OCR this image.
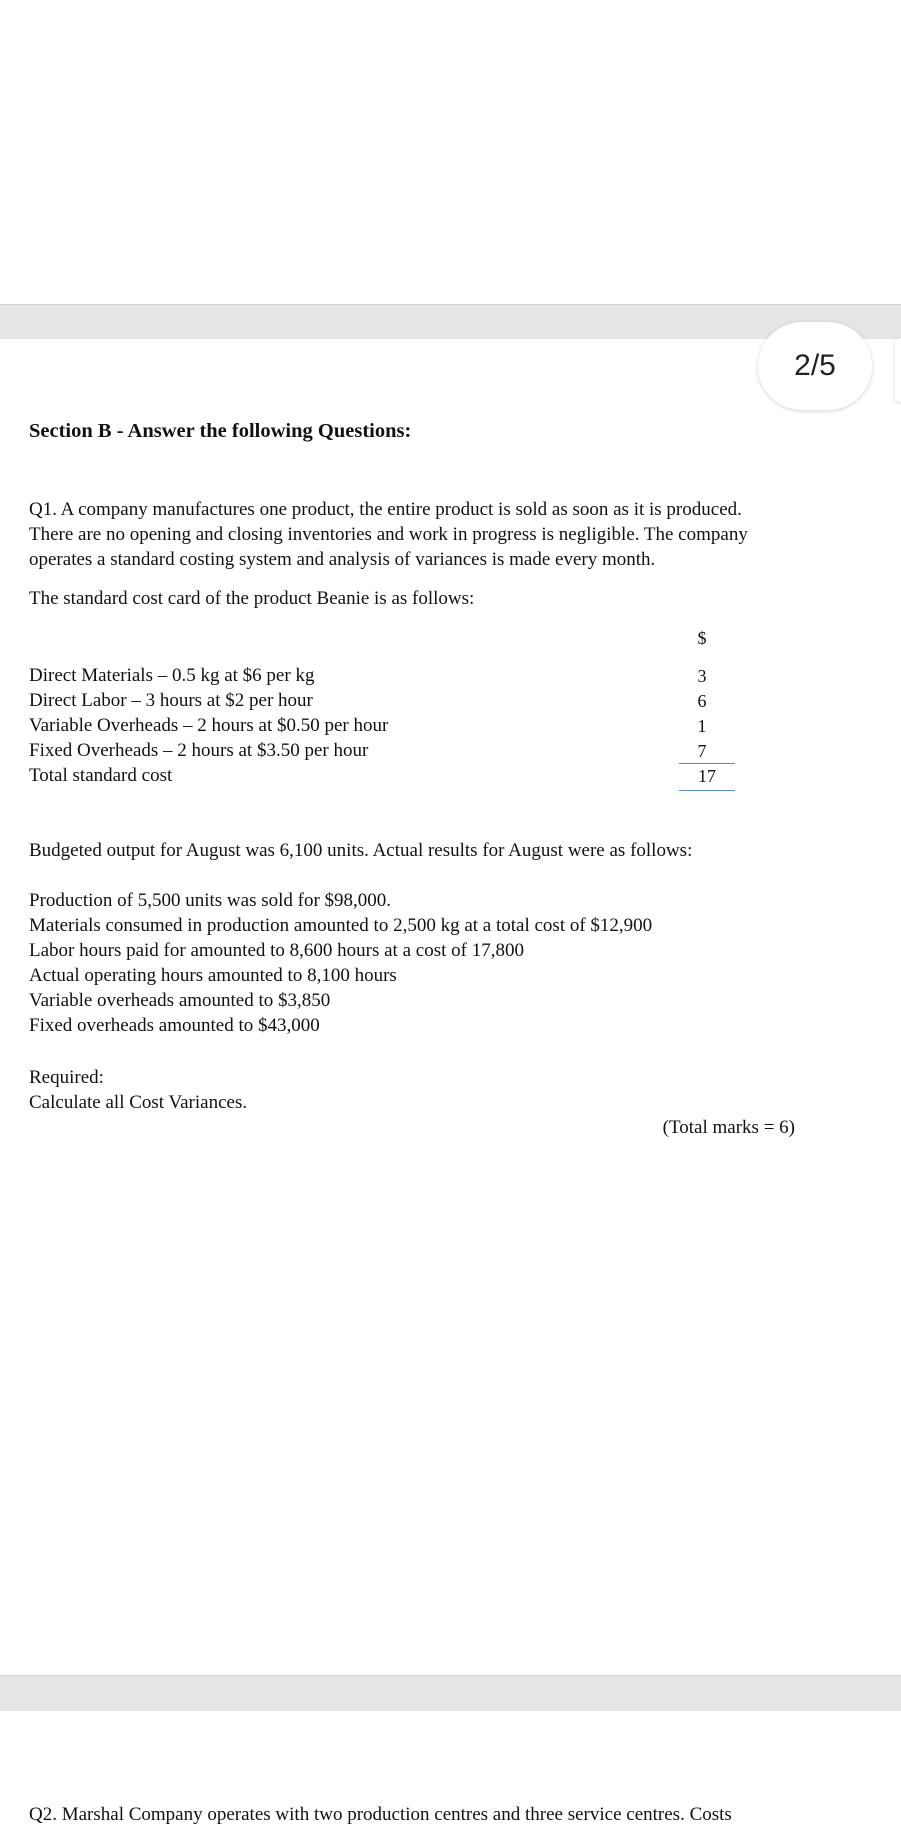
2/5
Section B - Answer the following Questions:
Q1. A company manufactures one product, the entire product is sold as soon as it is produced.
There are no opening and closing inventories and work in progress is negligible. The company
operates a standard costing system and analysis of variances is made every month.
The standard cost card of the product Beanie is as follows:
$
Direct Materials – 0.5 kg at $6 per kg	3
Direct Labor – 3 hours at $2 per hour	6
Variable Overheads – 2 hours at $0.50 per hour	1
Fixed Overheads – 2 hours at $3.50 per hour	7
Total standard cost	17
Budgeted output for August was 6,100 units. Actual results for August were as follows:
Production of 5,500 units was sold for $98,000.
Materials consumed in production amounted to 2,500 kg at a total cost of $12,900
Labor hours paid for amounted to 8,600 hours at a cost of 17,800
Actual operating hours amounted to 8,100 hours
Variable overheads amounted to $3,850
Fixed overheads amounted to $43,000
Required:
Calculate all Cost Variances.
(Total marks = 6)
Q2. Marshal Company operates with two production centres and three service centres. Costs
